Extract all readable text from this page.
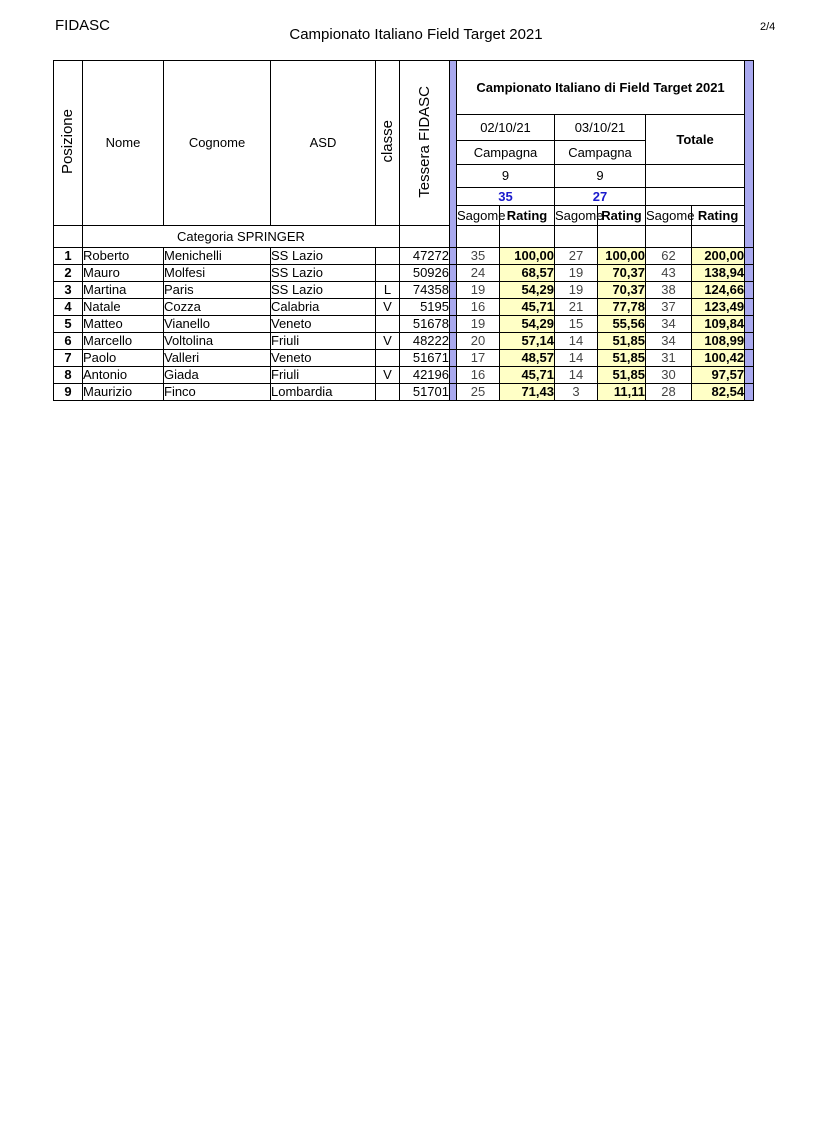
FIDASC
Campionato Italiano Field Target 2021	2/4
Posizione	Nome	Cognome	ASD	classe	Tessera FIDASC		Campionato Italiano di Field Target 2021						
							02/10/21		03/10/21		Totale		
							Campagna		Campagna				
							9		9				
							35		27				
							Sagome	Rating	Sagome	Rating	Sagome	Rating	
	Categoria SPRINGER												
1	Roberto	Menichelli	SS Lazio		47272		35	100,00	27	100,00	62	200,00	
2	Mauro	Molfesi	SS Lazio		50926		24	68,57	19	70,37	43	138,94	
3	Martina	Paris	SS Lazio	L	74358		19	54,29	19	70,37	38	124,66	
4	Natale	Cozza	Calabria	V	5195		16	45,71	21	77,78	37	123,49	
5	Matteo	Vianello	Veneto		51678		19	54,29	15	55,56	34	109,84	
6	Marcello	Voltolina	Friuli	V	48222		20	57,14	14	51,85	34	108,99	
7	Paolo	Valleri	Veneto		51671		17	48,57	14	51,85	31	100,42	
8	Antonio	Giada	Friuli	V	42196		16	45,71	14	51,85	30	97,57	
9	Maurizio	Finco	Lombardia		51701		25	71,43	3	11,11	28	82,54	
